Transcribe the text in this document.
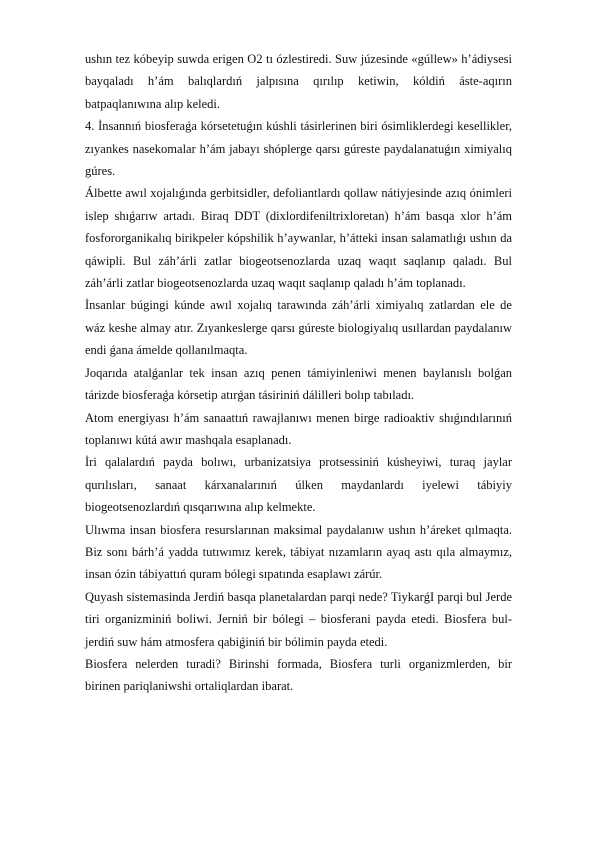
ushın tez kóbeyip suwda erigen O2 tı ózlestiredi. Suw júzesinde «gúllew» h’ádiysesi bayqaladı h’ám balıqlardıń jalpısına qırılıp ketiwin, kóldiń áste-aqırın batpaqlanıwına alıp keledi.

4. İnsannıń biosferaǵa kórsetetuǵın kúshli tásirlerinen biri ósimliklerdegi kesellikler, zıyankes nasekomalar h’ám jabayı shóplerge qarsı gúreste paydalanatuǵın ximiyalıq gúres.

Álbette awıl xojalıǵında gerbitsidler, defoliantlardı qollaw nátiyjesinde azıq ónimleri islep shıǵarıw artadı. Biraq DDT (dixlordifeniltrixloretan) h’ám basqa xlor h’ám fosfororganikalıq birikpeler kópshilik h’aywanlar, h’átteki insan salamatlıǵı ushın da qáwipli. Bul záh’árli zatlar biogeotsenozlarda uzaq waqıt saqlanıp qaladı. Bul záh’árli zatlar biogeotsenozlarda uzaq waqıt saqlanıp qaladı h’ám toplanadı.

İnsanlar búgingi kúnde awıl xojalıq tarawında záh’árli ximiyalıq zatlardan ele de wáz keshe almay atır. Zıyankeslerge qarsı gúreste biologiyalıq usıllardan paydalanıw endi ǵana ámelde qollanılmaqta.

Joqarıda atalǵanlar tek insan azıq penen támiyinleniwi menen baylanıslı bolǵan tárizde biosferaǵa kórsetip atırǵan tásiriniń dálilleri bolıp tabıladı.

Atom energiyası h’ám sanaattıń rawajlanıwı menen birge radioaktiv shıǵındılarınıń toplanıwı kútá awır mashqala esaplanadı.

İri qalalardıń payda bolıwı, urbanizatsiya protsessiniń kúsheyiwi, turaq jaylar qurılısları, sanaat kárxanalarınıń úlken maydanlardı iyelewi tábiyiy biogeotsenozlardıń qısqarıwına alıp kelmekte.

Ulıwma insan biosfera resurslarınan maksimal paydalanıw ushın h’áreket qılmaqta. Biz sonı bárh’á yadda tutıwımız kerek, tábiyat nızamların ayaq astı qıla almaymız, insan ózin tábiyattıń quram bólegi sıpatında esaplawı zárúr.

Quyash sistemasinda Jerdiń basqa planetalardan parqi nede? TiykarǵI parqi bul Jerde tiri organizminiń boliwi. Jerniń bir bólegi – biosferani payda etedi. Biosfera bul- jerdiń suw hám atmosfera qabiǵiniń bir bólimin payda etedi.

Biosfera nelerden turadi? Birinshi formada, Biosfera turli organizmlerden, bir birinen pariqlaniwshi ortaliqlardan ibarat.
